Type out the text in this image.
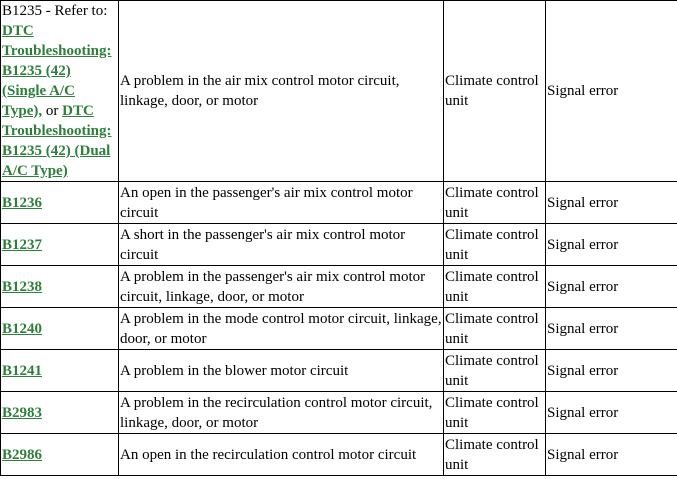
B1235 - Refer to: DTC Troubleshooting: B1235 (42) (Single A/C Type), or DTC Troubleshooting: B1235 (42) (Dual A/C Type)	A problem in the air mix control motor circuit, linkage, door, or motor	Climate control unit	Signal error
B1236	An open in the passenger's air mix control motor circuit	Climate control unit	Signal error
B1237	A short in the passenger's air mix control motor circuit	Climate control unit	Signal error
B1238	A problem in the passenger's air mix control motor circuit, linkage, door, or motor	Climate control unit	Signal error
B1240	A problem in the mode control motor circuit, linkage, door, or motor	Climate control unit	Signal error
B1241	A problem in the blower motor circuit	Climate control unit	Signal error
B2983	A problem in the recirculation control motor circuit, linkage, door, or motor	Climate control unit	Signal error
B2986	An open in the recirculation control motor circuit	Climate control unit	Signal error
